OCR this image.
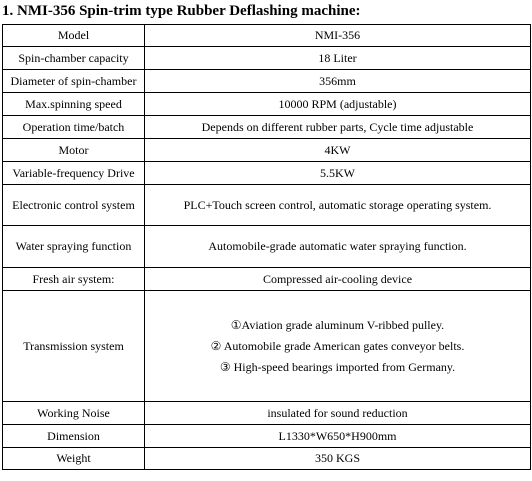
1. NMI-356 Spin-trim type Rubber Deflashing machine:
Model	NMI-356
Spin-chamber capacity	18 Liter
Diameter of spin-chamber	356mm
Max.spinning speed	10000 RPM (adjustable)
Operation time/batch	Depends on different rubber parts, Cycle time adjustable
Motor	4KW
Variable-frequency Drive	5.5KW
Electronic control system	PLC+Touch screen control, automatic storage operating system.
Water spraying function	Automobile-grade automatic water spraying function.
Fresh air system:	Compressed air-cooling device
Transmission system	①Aviation grade aluminum V-ribbed pulley.
② Automobile grade American gates conveyor belts.
③ High-speed bearings imported from Germany.

Working Noise	insulated for sound reduction
Dimension	L1330*W650*H900mm
Weight	350 KGS
